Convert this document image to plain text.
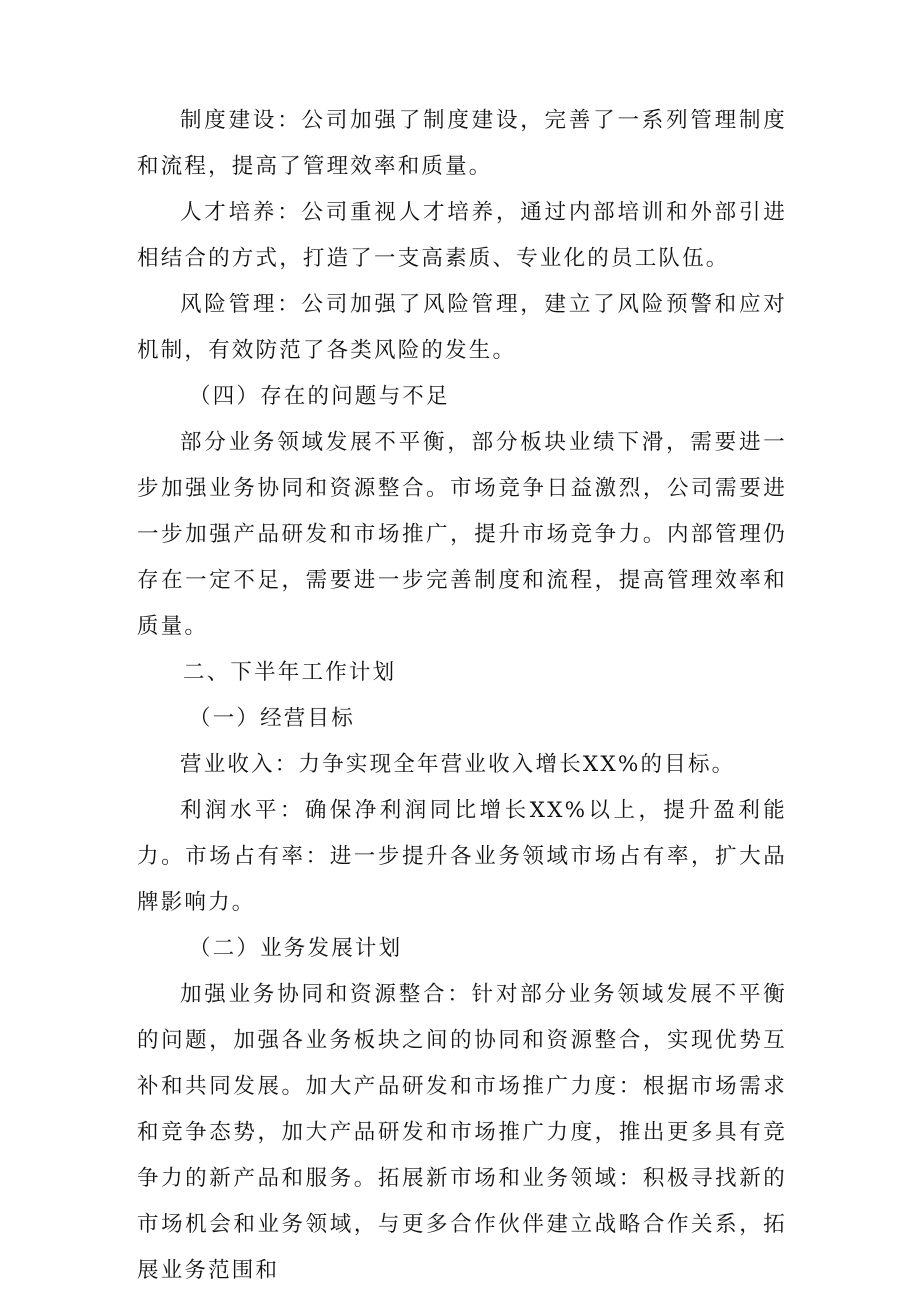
制度建设：公司加强了制度建设，完善了一系列管理制度和流程，提高了管理效率和质量。

人才培养：公司重视人才培养，通过内部培训和外部引进相结合的方式，打造了一支高素质、专业化的员工队伍。

风险管理：公司加强了风险管理，建立了风险预警和应对机制，有效防范了各类风险的发生。

（四）存在的问题与不足

部分业务领域发展不平衡，部分板块业绩下滑，需要进一步加强业务协同和资源整合。市场竞争日益激烈，公司需要进一步加强产品研发和市场推广，提升市场竞争力。内部管理仍存在一定不足，需要进一步完善制度和流程，提高管理效率和质量。

二、下半年工作计划

（一）经营目标

营业收入：力争实现全年营业收入增长XX%的目标。

利润水平：确保净利润同比增长XX%以上，提升盈利能力。市场占有率：进一步提升各业务领域市场占有率，扩大品牌影响力。

（二）业务发展计划

加强业务协同和资源整合：针对部分业务领域发展不平衡的问题，加强各业务板块之间的协同和资源整合，实现优势互补和共同发展。加大产品研发和市场推广力度：根据市场需求和竞争态势，加大产品研发和市场推广力度，推出更多具有竞争力的新产品和服务。拓展新市场和业务领域：积极寻找新的市场机会和业务领域，与更多合作伙伴建立战略合作关系，拓展业务范围和
